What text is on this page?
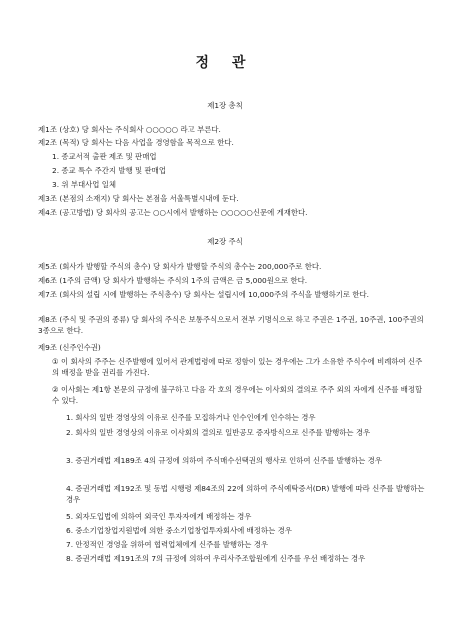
정 관
제1장 총칙
제1조 (상호) 당 회사는 주식회사 ○○○○○ 라고 부른다.
제2조 (목적) 당 회사는 다음 사업을 경영함을 목적으로 한다.
1. 종교서적 출판 제조 및 판매업
2. 종교 특수 주간지 발행 및 판매업
3. 위 부대사업 일체
제3조 (본점의 소재지) 당 회사는 본점을 서울특별시내에 둔다.
제4조 (공고방법) 당 회사의 공고는 ○○시에서 발행하는 ○○○○○신문에 게재한다.
제2장 주식
제5조 (회사가 발행할 주식의 총수) 당 회사가 발행할 주식의 총수는 200,000주로 한다.
제6조 (1주의 금액) 당 회사가 발행하는 주식의 1주의 금액은 금 5,000원으로 한다.
제7조 (회사의 설립 시에 발행하는 주식총수) 당 회사는 설립시에 10,000주의 주식을 발행하기로 한다.
제8조 (주식 및 주권의 종류) 당 회사의 주식은 보통주식으로서 전부 기명식으로 하고 주권은 1주권, 10주권, 100주권의 3종으로 한다.
제9조 (신주인수권)
① 이 회사의 주주는 신주발행에 있어서 관계법령에 따로 정함이 있는 경우에는 그가 소유한 주식수에 비례하여 신주의 배정을 받을 권리를 가진다.
② 이사회는 제1항 본문의 규정에 불구하고 다음 각 호의 경우에는 이사회의 결의로 주주 외의 자에게 신주를 배정할 수 있다.
1. 회사의 일반 경영상의 이유로 신주를 모집하거나 인수인에게 인수하는 경우
2. 회사의 일반 경영상의 이유로 이사회의 결의로 일반공모 증자방식으로 신주를 발행하는 경우
3. 증권거래법 제189조 4의 규정에 의하여 주식매수선택권의 행사로 인하여 신주를 발행하는 경우
4. 증권거래법 제192조 및 동법 시행령 제84조의 22에 의하여 주식예탁증서(DR) 발행에 따라 신주를 발행하는 경우
5. 외자도입법에 의하여 외국인 투자자에게 배정하는 경우
6. 중소기업창업지원법에 의한 중소기업창업투자회사에 배정하는 경우
7. 안정적인 경영을 위하여 협력업체에게 신주를 발행하는 경우
8. 증권거래법 제191조의 7의 규정에 의하여 우리사주조합원에게 신주를 우선 배정하는 경우
